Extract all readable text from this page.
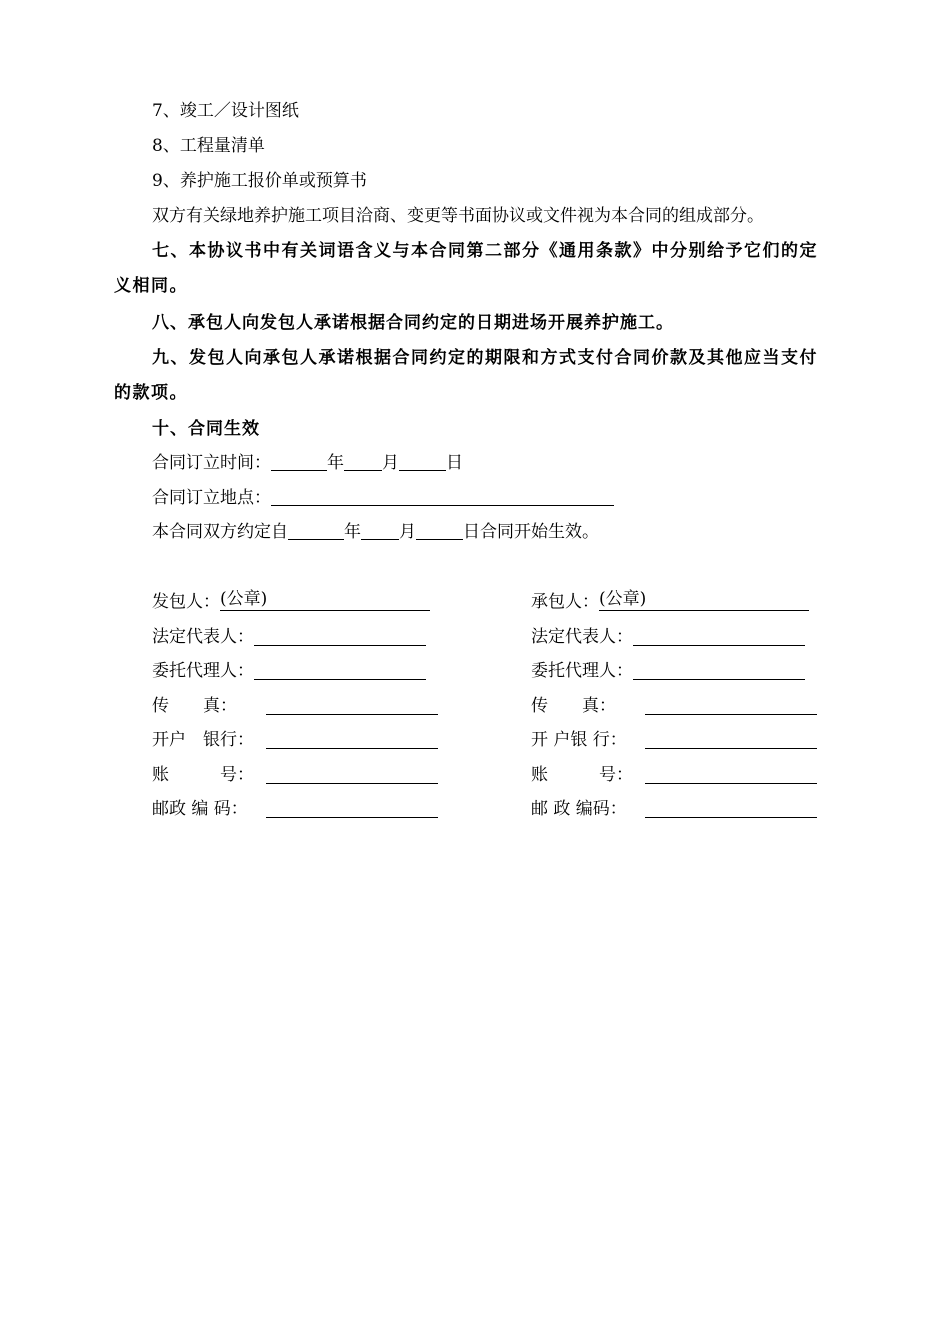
7、竣工／设计图纸
8、工程量清单
9、养护施工报价单或预算书
双方有关绿地养护施工项目洽商、变更等书面协议或文件视为本合同的组成部分。
七、本协议书中有关词语含义与本合同第二部分《通用条款》中分别给予它们的定义相同。
八、承包人向发包人承诺根据合同约定的日期进场开展养护施工。
九、发包人向承包人承诺根据合同约定的期限和方式支付合同价款及其他应当支付的款项。
十、合同生效
合同订立时间：	年 月	日
合同订立地点：
本合同双方约定自	年 月	日合同开始生效。
发包人： (公章)
法定代表人：
委托代理人：
传　　真：
开户　银行：
账　　　号：
邮政 编 码：
承包人： (公章)
法定代表人：
委托代理人：
传　　真：
开 户银 行：
账　　　号：
邮 政 编码：
